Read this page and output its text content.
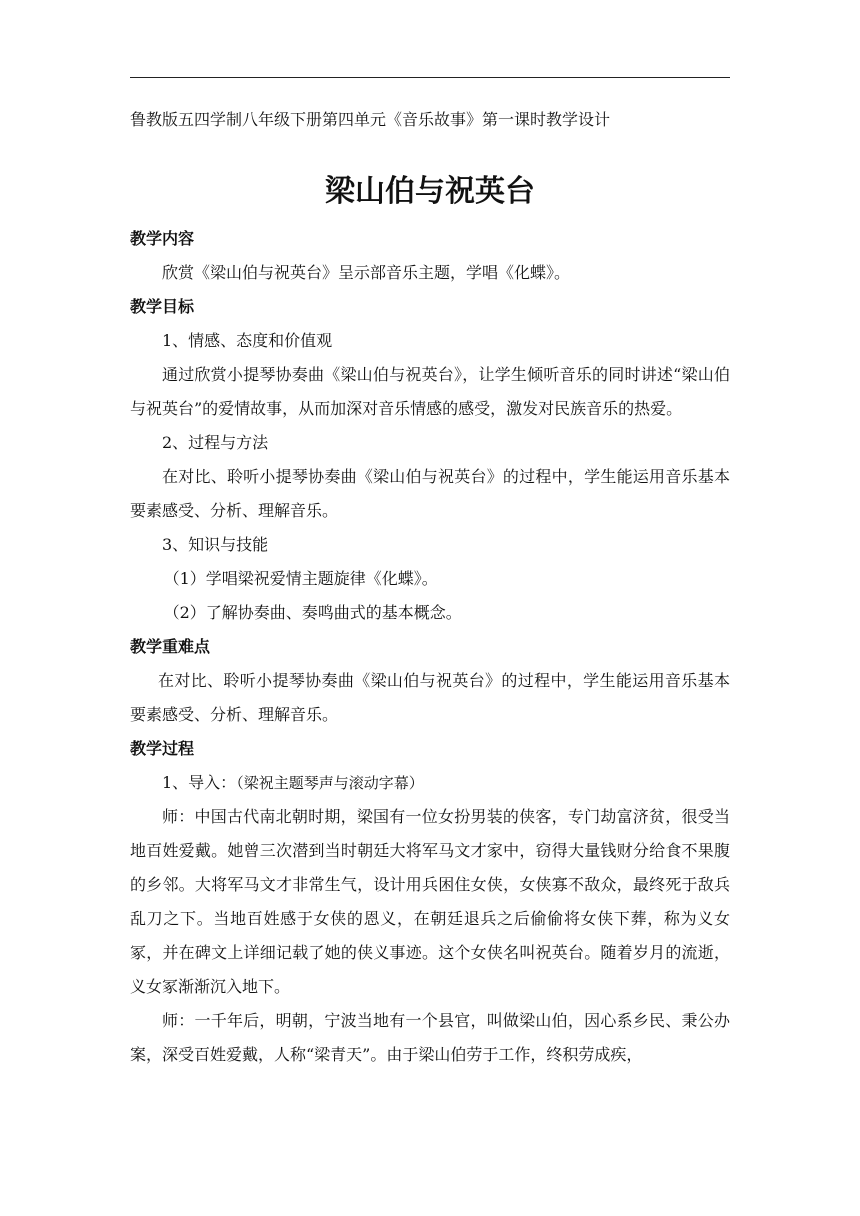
鲁教版五四学制八年级下册第四单元《音乐故事》第一课时教学设计
梁山伯与祝英台
教学内容

欣赏《梁山伯与祝英台》呈示部音乐主题，学唱《化蝶》。

教学目标

1、情感、态度和价值观

通过欣赏小提琴协奏曲《梁山伯与祝英台》，让学生倾听音乐的同时讲述“梁山伯与祝英台”的爱情故事，从而加深对音乐情感的感受，激发对民族音乐的热爱。

2、过程与方法

在对比、聆听小提琴协奏曲《梁山伯与祝英台》的过程中，学生能运用音乐基本要素感受、分析、理解音乐。

3、知识与技能

（1）学唱梁祝爱情主题旋律《化蝶》。

（2）了解协奏曲、奏鸣曲式的基本概念。

教学重难点

在对比、聆听小提琴协奏曲《梁山伯与祝英台》的过程中，学生能运用音乐基本要素感受、分析、理解音乐。

教学过程

1、导入：（梁祝主题琴声与滚动字幕）

师：中国古代南北朝时期，梁国有一位女扮男装的侠客，专门劫富济贫，很受当地百姓爱戴。她曾三次潜到当时朝廷大将军马文才家中，窃得大量钱财分给食不果腹的乡邻。大将军马文才非常生气，设计用兵困住女侠，女侠寡不敌众，最终死于敌兵乱刀之下。当地百姓感于女侠的恩义，在朝廷退兵之后偷偷将女侠下葬，称为义女冢，并在碑文上详细记载了她的侠义事迹。这个女侠名叫祝英台。随着岁月的流逝，义女冢渐渐沉入地下。

师：一千年后，明朝，宁波当地有一个县官，叫做梁山伯，因心系乡民、秉公办案，深受百姓爱戴，人称“梁青天”。由于梁山伯劳于工作，终积劳成疾，
